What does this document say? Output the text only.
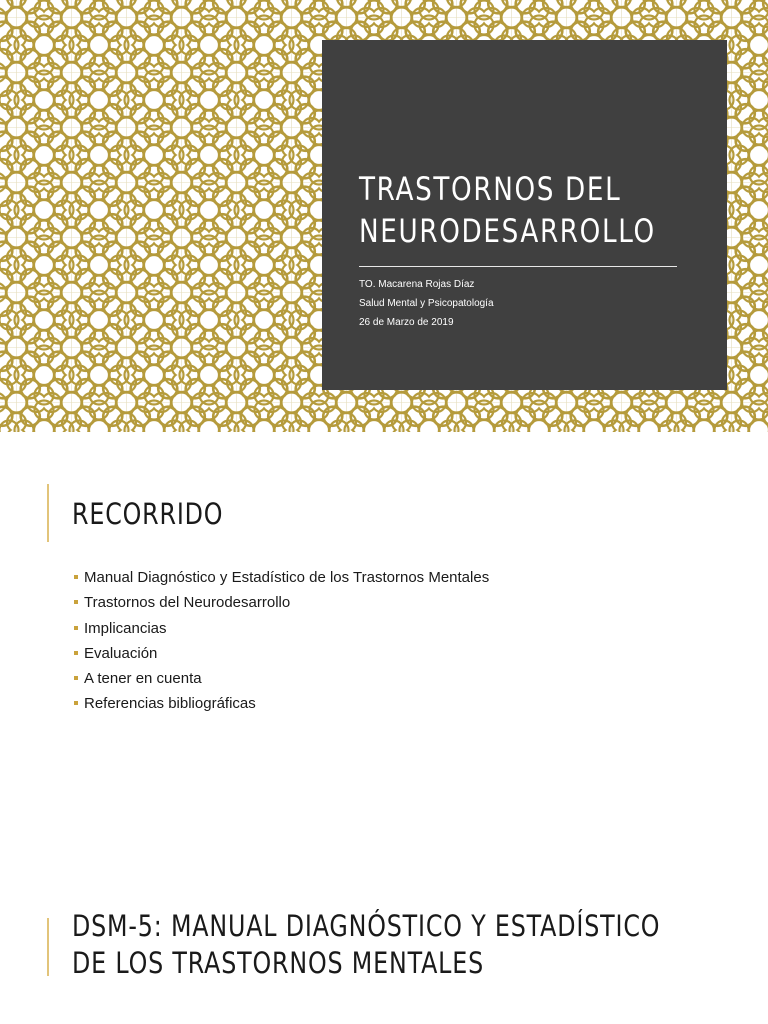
TRASTORNOS DEL
NEURODESARROLLO
TO. Macarena Rojas Díaz
Salud Mental y Psicopatología
26 de Marzo de 2019
RECORRIDO
Manual Diagnóstico y Estadístico de los Trastornos Mentales
Trastornos del Neurodesarrollo
Implicancias
Evaluación
A tener en cuenta
Referencias bibliográficas
DSM-5: MANUAL DIAGNÓSTICO Y ESTADÍSTICO
DE LOS TRASTORNOS MENTALES
